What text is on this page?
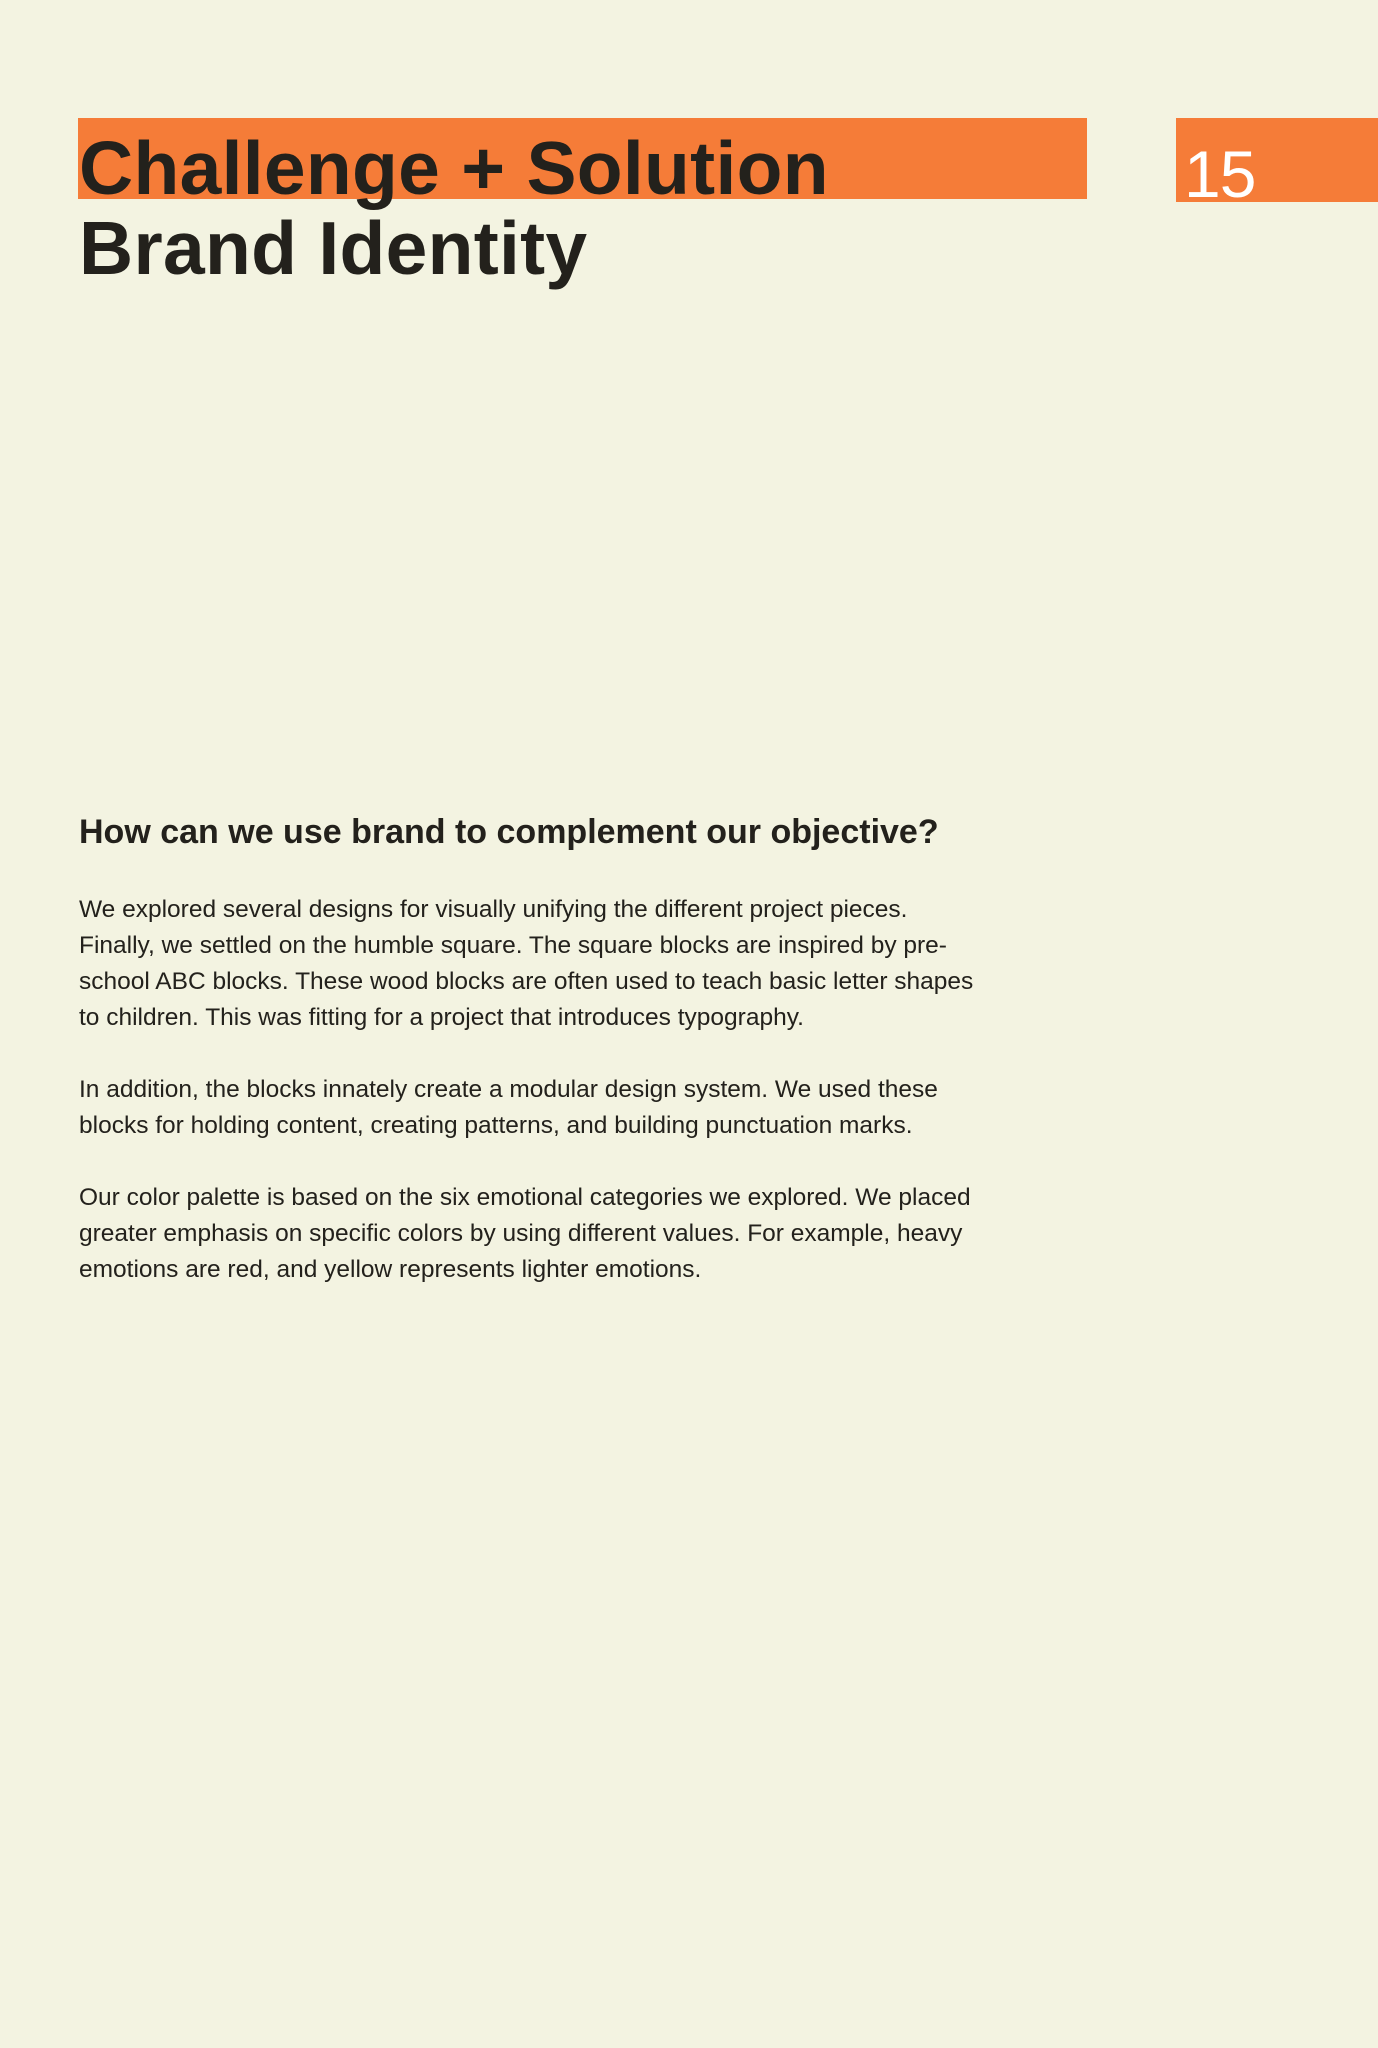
15
Challenge + Solution
Brand Identity
How can we use brand to complement our objective?

We explored several designs for visually unifying the different project pieces.
Finally, we settled on the humble square. The square blocks are inspired by pre-
school ABC blocks. These wood blocks are often used to teach basic letter shapes
to children. This was fitting for a project that introduces typography.

In addition, the blocks innately create a modular design system. We used these
blocks for holding content, creating patterns, and building punctuation marks.

Our color palette is based on the six emotional categories we explored. We placed
greater emphasis on specific colors by using different values. For example, heavy
emotions are red, and yellow represents lighter emotions.
